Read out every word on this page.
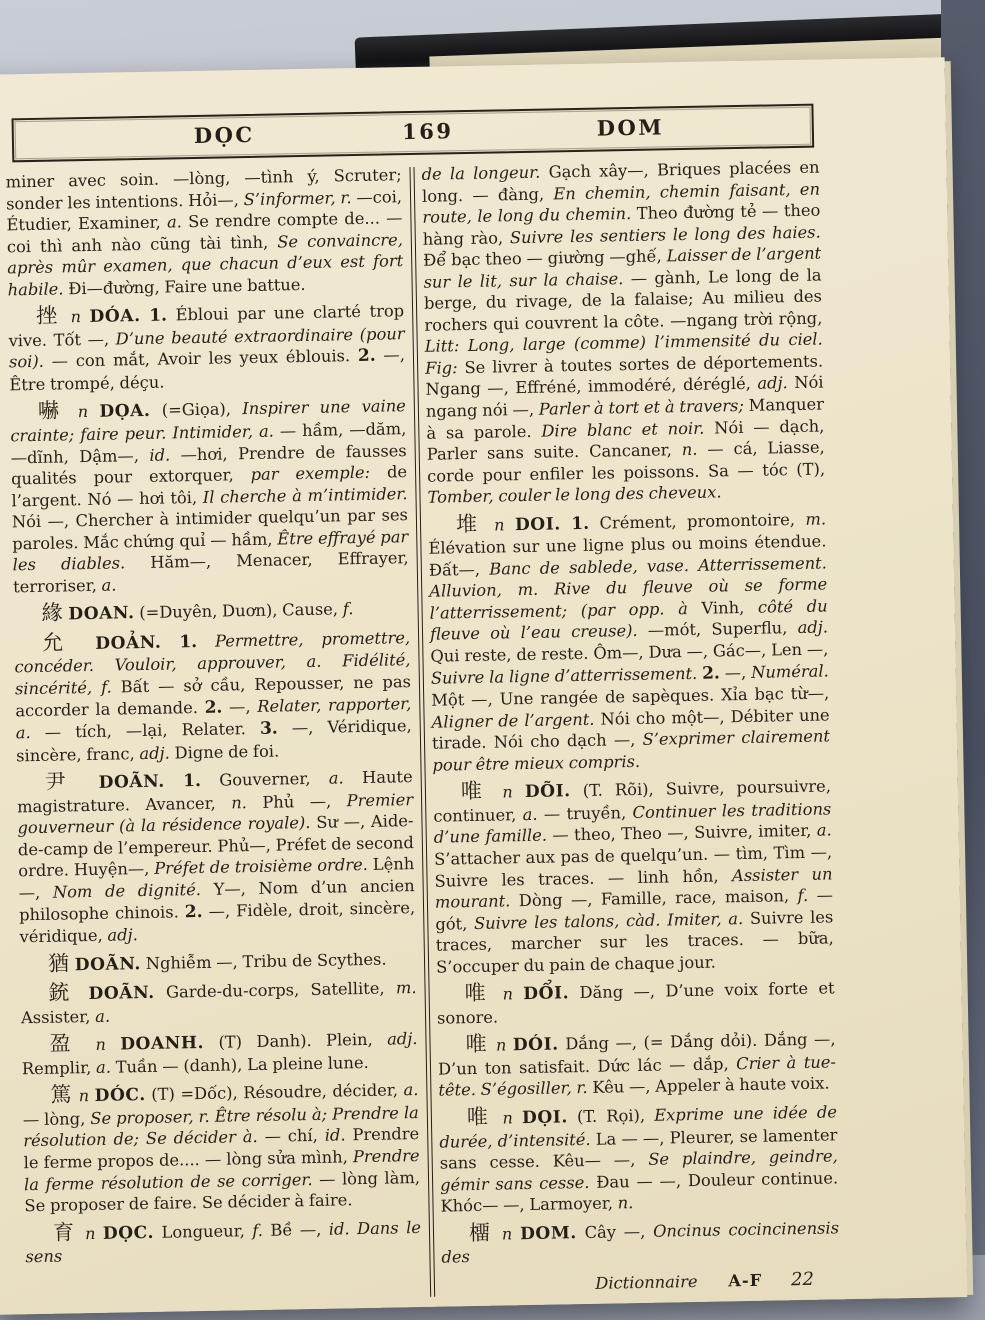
DỌC	169	DOM

miner avec soin. —lòng, —tình ý, Scruter; sonder les intentions. Hỏi—, S’informer, r. —coi, Étudier, Examiner, a. Se rendre compte de... — coi thì anh nào cũng tài tình, Se convaincre, après mûr examen, que chacun d’eux est fort habile. Đi—đường, Faire une battue.

挫 n DÓA. 1. Ébloui par une clarté trop vive. Tốt —, D’une beauté extraordinaire (pour soi). — con mắt, Avoir les yeux éblouis. 2. —, Être trompé, déçu.

嚇 n DỌA. (=Giọa), Inspirer une vaine crainte; faire peur. Intimider, a. — hầm, —dăm, —dĩnh, Dậm—, id. —hơi, Prendre de fausses qualités pour extorquer, par exemple: de l’argent. Nó — hơi tôi, Il cherche à m’intimider. Nói —, Chercher à intimider quelqu’un par ses paroles. Mắc chứng quỉ — hầm, Être effrayé par les diables. Hăm—, Menacer, Effrayer, terroriser, a.

緣 DOAN. (=Duyên, Duơn), Cause, f.

允 DOẢN. 1. Permettre, promettre, concéder. Vouloir, approuver, a. Fidélité, sincérité, f. Bất — sở cầu, Repousser, ne pas accorder la demande. 2. —, Relater, rapporter, a. — tích, —lại, Relater. 3. —, Véridique, sincère, franc, adj. Digne de foi.

尹 DOÃN. 1. Gouverner, a. Haute magistrature. Avancer, n. Phủ —, Premier gouverneur (à la résidence royale). Sư —, Aide-de-camp de l’empereur. Phủ—, Préfet de second ordre. Huyện—, Préfet de troisième ordre. Lệnh—, Nom de dignité. Y—, Nom d’un ancien philosophe chinois. 2. —, Fidèle, droit, sincère, véridique, adj.

猶 DOÃN. Nghiễm —, Tribu de Scythes.

銃 DOÃN. Garde-du-corps, Satellite, m. Assister, a.

盈 n DOANH. (T) Danh). Plein, adj. Remplir, a. Tuần — (danh), La pleine lune.

篤 n DÓC. (T) =Dốc), Résoudre, décider, a. — lòng, Se proposer, r. Être résolu à; Prendre la résolution de; Se décider à. — chí, id. Prendre le ferme propos de.... — lòng sửa mình, Prendre la ferme résolution de se corriger. — lòng làm, Se proposer de faire. Se décider à faire.

育 n DỌC. Longueur, f. Bề —, id. Dans le sens

de la longeur. Gạch xây—, Briques placées en long. — đàng, En chemin, chemin faisant, en route, le long du chemin. Theo đường tẻ — theo hàng rào, Suivre les sentiers le long des haies. Để bạc theo — giường —ghế, Laisser de l’argent sur le lit, sur la chaise. — gành, Le long de la berge, du rivage, de la falaise; Au milieu des rochers qui couvrent la côte. —ngang trời rộng, Litt: Long, large (comme) l’immensité du ciel. Fig: Se livrer à toutes sortes de déportements. Ngang —, Effréné, immodéré, déréglé, adj. Nói ngang nói —, Parler à tort et à travers; Manquer à sa parole. Dire blanc et noir. Nói — dạch, Parler sans suite. Cancaner, n. — cá, Liasse, corde pour enfiler les poissons. Sa — tóc (T), Tomber, couler le long des cheveux.

堆 n DOI. 1. Crément, promontoire, m. Élévation sur une ligne plus ou moins étendue. Đất—, Banc de sablede, vase. Atterrissement. Alluvion, m. Rive du fleuve où se forme l’atterrissement; (par opp. à Vinh, côté du fleuve où l’eau creuse). —mót, Superflu, adj. Qui reste, de reste. Ôm—, Dưa —, Gác—, Len —, Suivre la ligne d’atterrissement. 2. —, Numéral. Một —, Une rangée de sapèques. Xỉa bạc từ—, Aligner de l’argent. Nói cho một—, Débiter une tirade. Nói cho dạch —, S’exprimer clairement pour être mieux compris.

唯 n DÕI. (T. Rõi), Suivre, poursuivre, continuer, a. — truyền, Continuer les traditions d’une famille. — theo, Theo —, Suivre, imiter, a. S’attacher aux pas de quelqu’un. — tìm, Tìm —, Suivre les traces. — linh hồn, Assister un mourant. Dòng —, Famille, race, maison, f. — gót, Suivre les talons, càd. Imiter, a. Suivre les traces, marcher sur les traces. — bữa, S’occuper du pain de chaque jour.

唯 n DỔI. Dăng —, D’une voix forte et sonore.

唯 n DÓI. Dắng —, (= Dắng dỏi). Dắng —, D’un ton satisfait. Dức lác — dắp, Crier à tue-tête. S’égosiller, r. Kêu —, Appeler à haute voix.

唯 n DỌI. (T. Rọi), Exprime une idée de durée, d’intensité. La — —, Pleurer, se lamenter sans cesse. Kêu— —, Se plaindre, geindre, gémir sans cesse. Đau — —, Douleur continue. Khóc— —, Larmoyer, n.

橊 n DOM. Cây —, Oncinus cocincinensis des

Dictionnaire A-F 22
